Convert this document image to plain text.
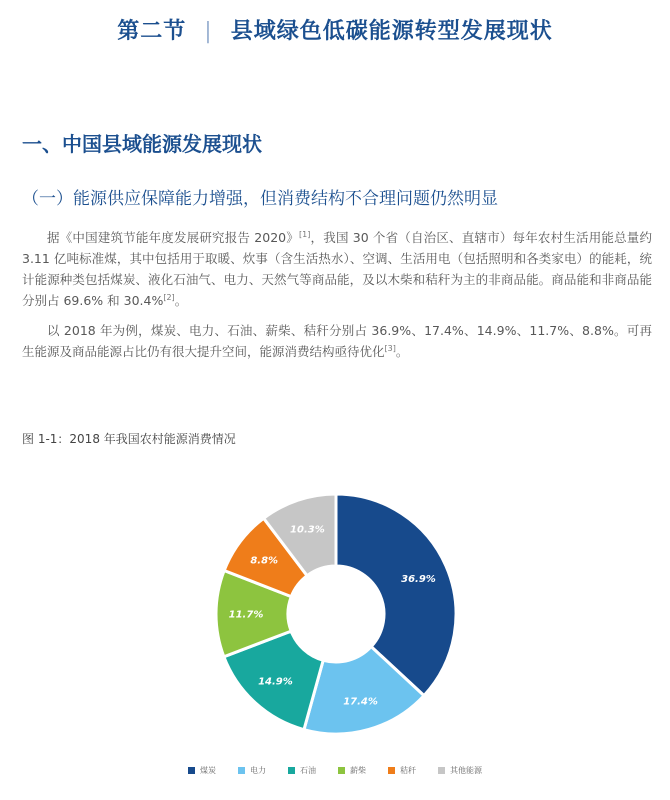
第二节 | 县域绿色低碳能源转型发展现状
一、中国县域能源发展现状
（一）能源供应保障能力增强，但消费结构不合理问题仍然明显

据《中国建筑节能年度发展研究报告 2020》[1]，我国 30 个省（自治区、直辖市）每年农村生活用能总量约 3.11 亿吨标准煤，其中包括用于取暖、炊事（含生活热水）、空调、生活用电（包括照明和各类家电）的能耗，统计能源种类包括煤炭、液化石油气、电力、天然气等商品能，及以木柴和秸秆为主的非商品能。商品能和非商品能分别占 69.6% 和 30.4%[2]。

以 2018 年为例，煤炭、电力、石油、薪柴、秸秆分别占 36.9%、17.4%、14.9%、11.7%、8.8%。可再生能源及商品能源占比仍有很大提升空间，能源消费结构亟待优化[3]。

图 1-1：2018 年我国农村能源消费情况
36.9%
17.4%
14.9%
11.7%
8.8%
10.3%
煤炭	电力	石油	薪柴	秸秆	其他能源
